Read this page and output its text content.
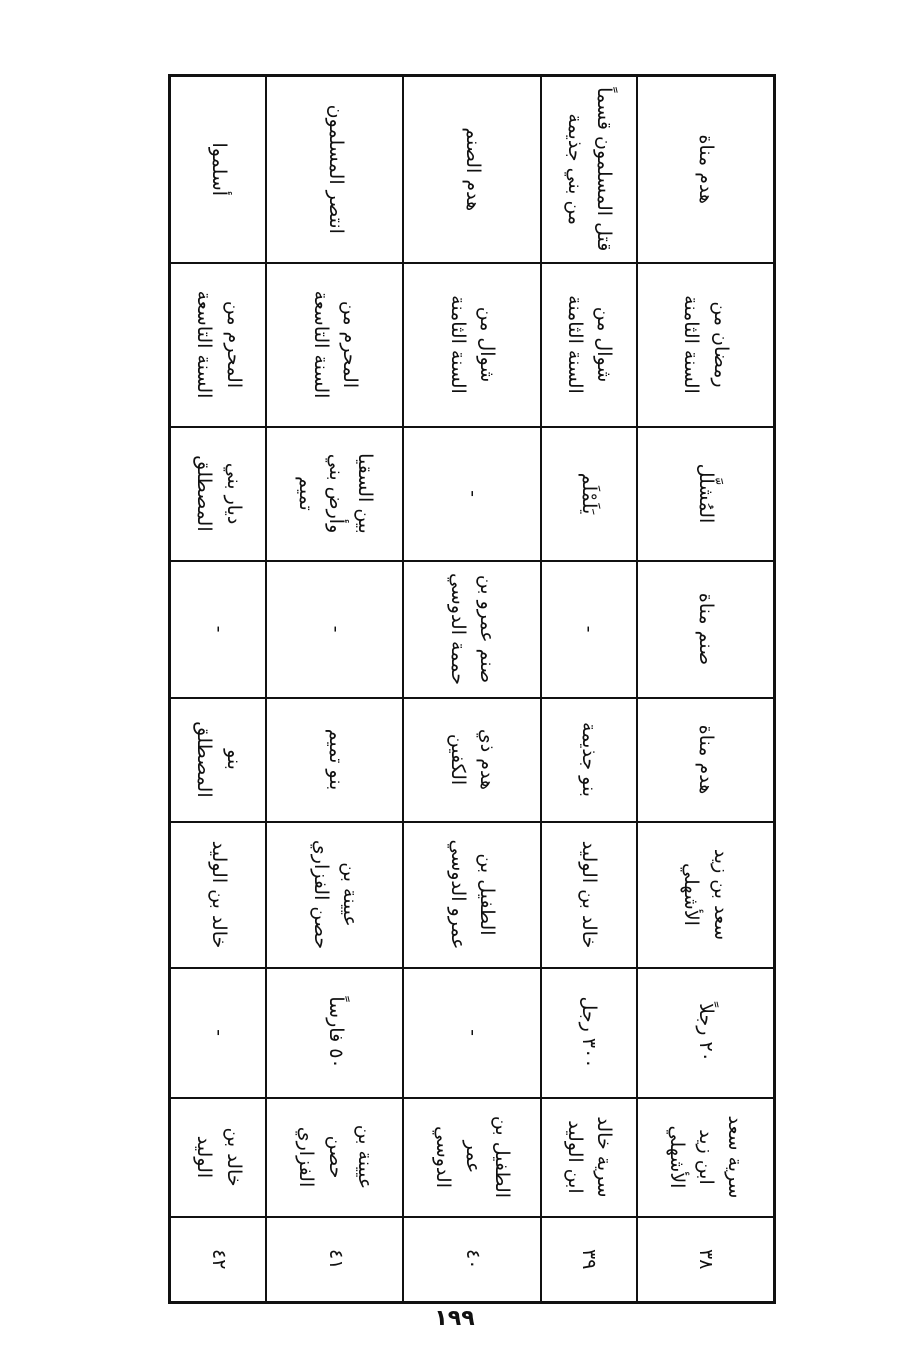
٣٨	سرية سعد
ابن زيد
الأشهلي	٢٠ رجلاً	سعد بن زيد
الأشهلي	هدم مناة	صنم مناة	المُشلَّل	رمضان من
السنة الثامنة	هدم مناة
٣٩	سرية خالد
ابن الوليد	٣٠٠ رجل	خالد بن الوليد	بنو جذيمة	-	يَلَمْلَم	شوال من
السنة الثامنة	قتل المسلمون قسماً
من بني جذيمة
٤٠	الطفيل بن
عمر
الدوسي	-	الطفيل بن
عمرو الدوسي	هدم ذي
الكفين	صنم عمرو بن
حممة الدوسي	-	شوال من
السنة الثامنة	هدم الصنم
٤١	عيينة بن
حصن
الفزاري	٥٠ فارساً	عيينة بن
حصن الفزاري	بنو تميم	-	بين السقيا
وأرض بني
تميم	المحرم من
السنة التاسعة	انتصر المسلمون
٤٢	خالد بن
الوليد	-	خالد بن الوليد	بنو المصطلق	-	ديار بني
المصطلق	المحرم من
السنة التاسعة	أسلموا
١٩٩
